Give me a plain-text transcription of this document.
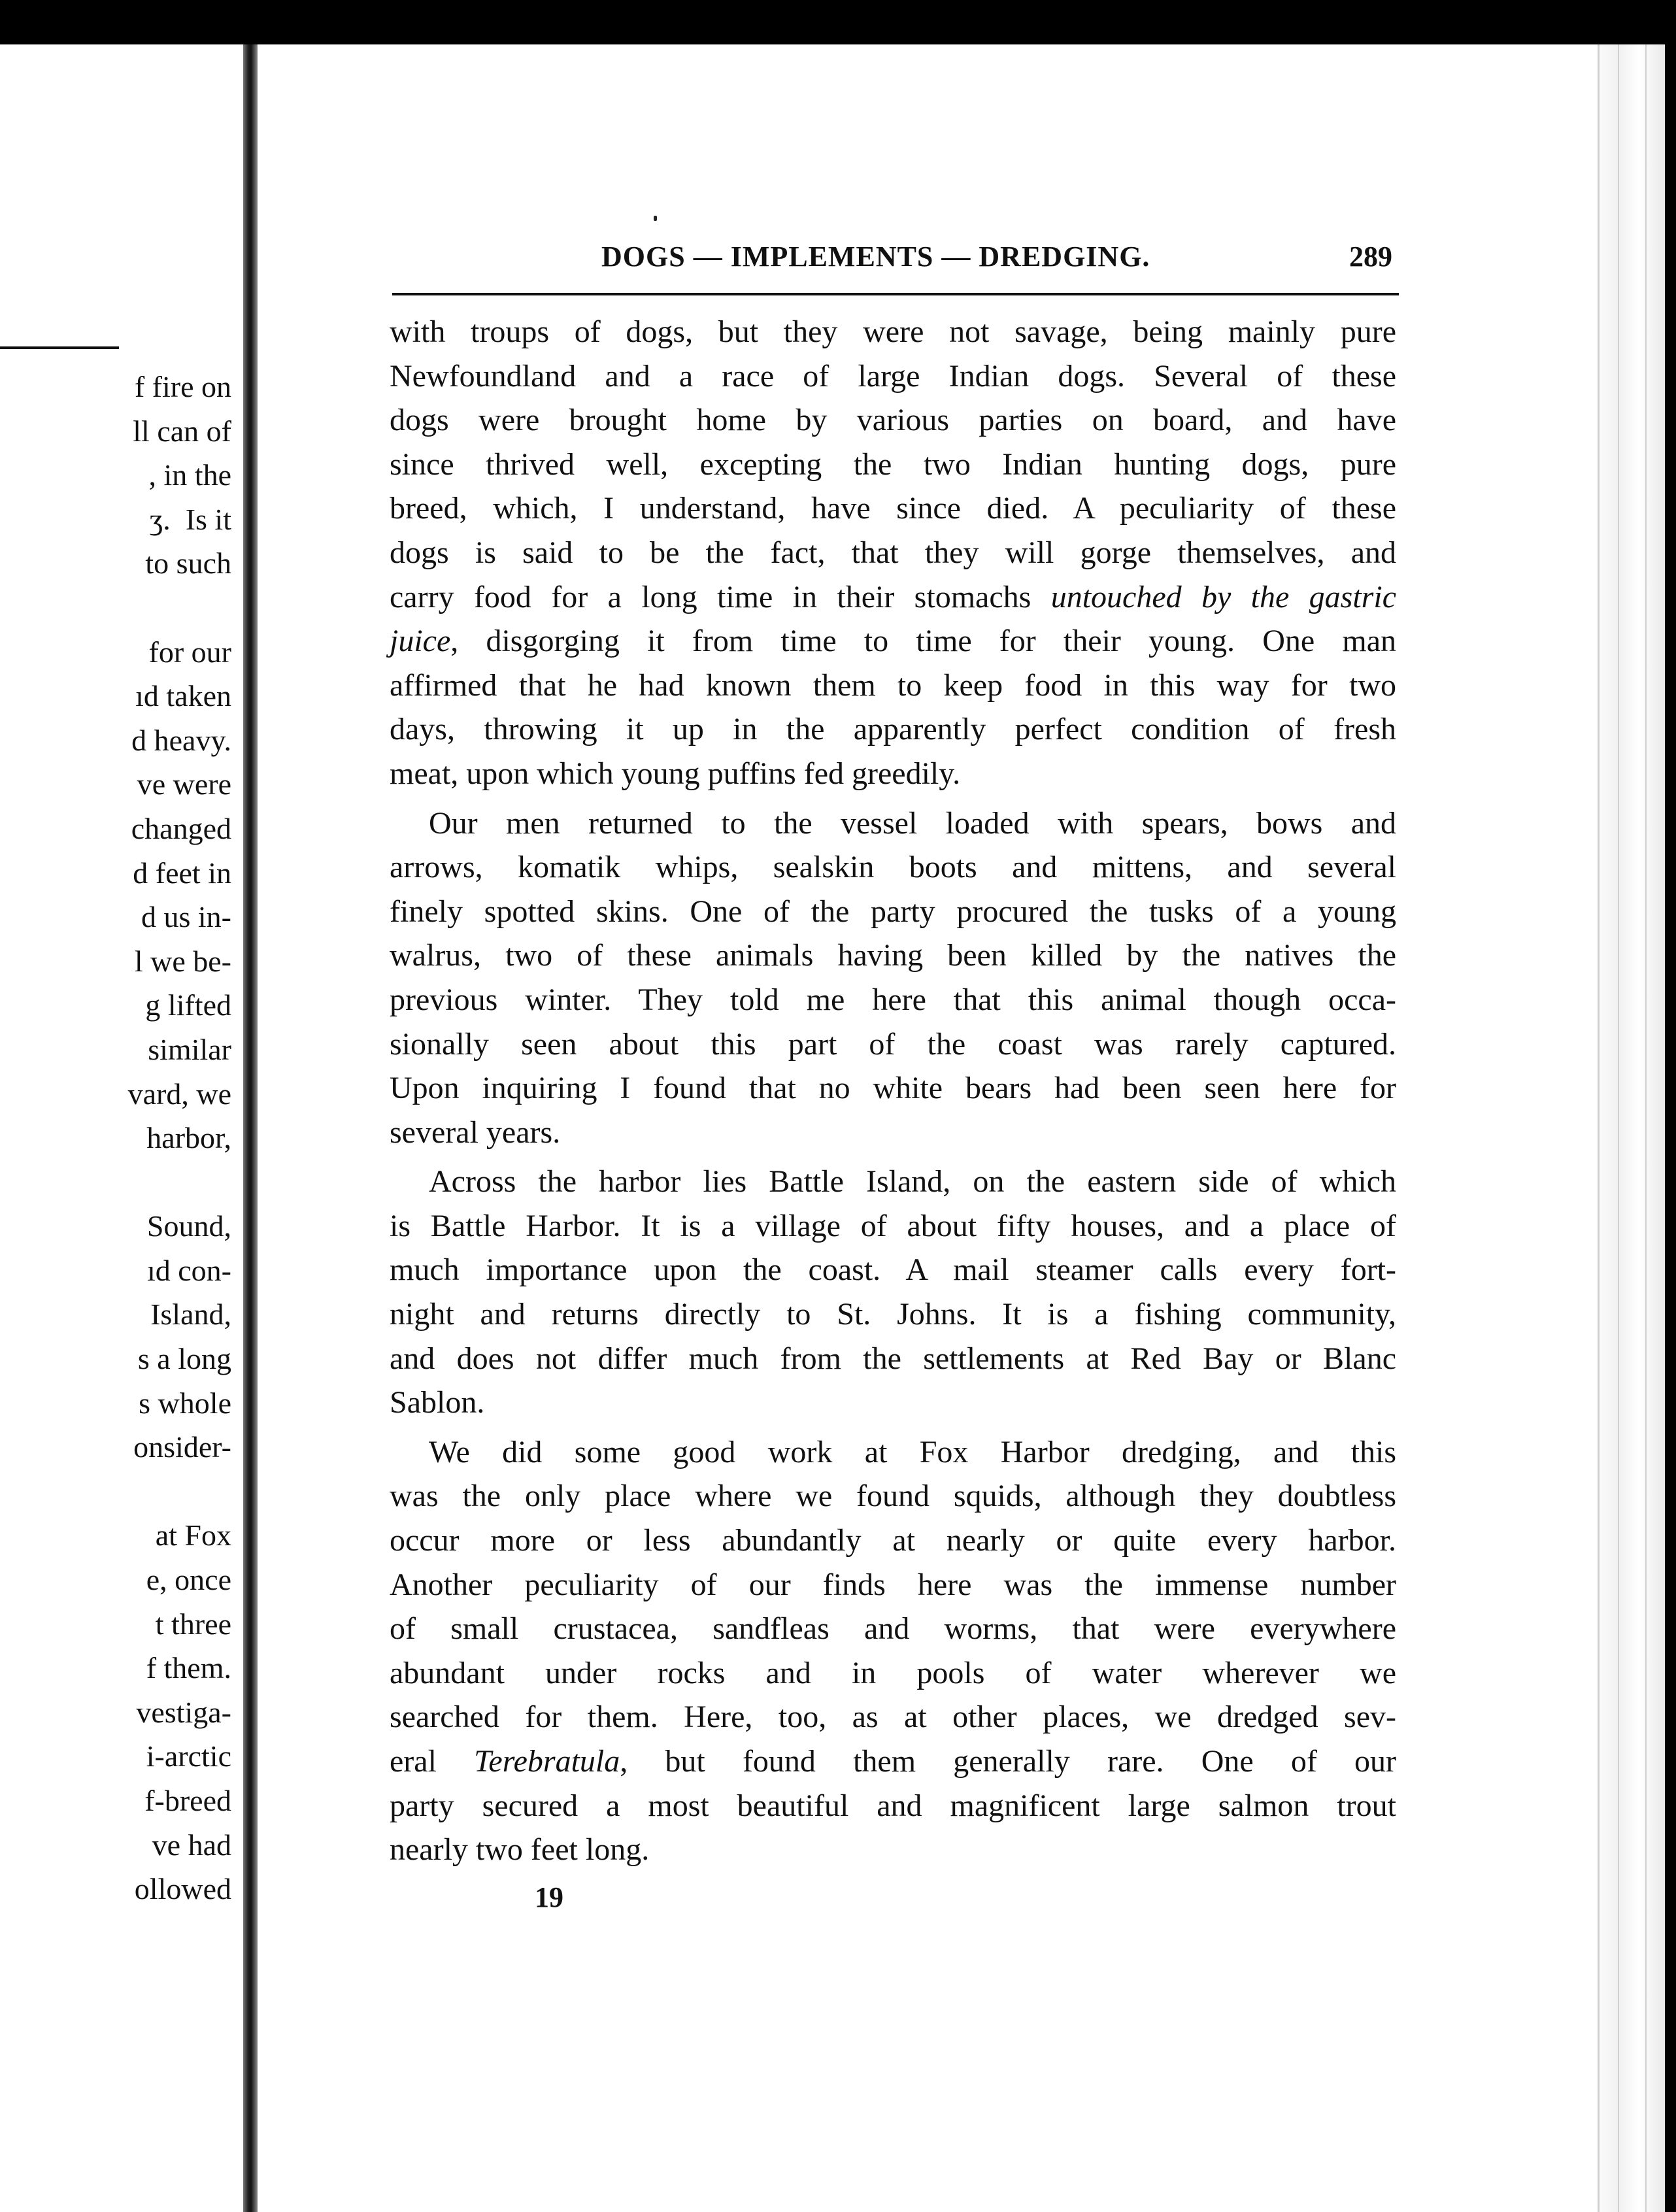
f fire on
ll can of
, in the
ʒ.  Is it
to such
for our
ıd taken
d heavy.
ve were
changed
d feet in
d us in-
l we be-
g lifted
similar
vard, we
harbor,
Sound,
ıd con-
Island,
s a long
s whole
onsider-
at Fox
e, once
t three
f them.
vestiga-
i-arctic
f-breed
ve had
ollowed
DOGS — IMPLEMENTS — DREDGING.	289
with troups of dogs, but they were not savage, being mainly pure
Newfoundland and a race of large Indian dogs. Several of these
dogs were brought home by various parties on board, and have
since thrived well, excepting the two Indian hunting dogs, pure
breed, which, I understand, have since died. A peculiarity of these
dogs is said to be the fact, that they will gorge themselves, and
carry food for a long time in their stomachs untouched by the gastric
juice, disgorging it from time to time for their young. One man
affirmed that he had known them to keep food in this way for two
days, throwing it up in the apparently perfect condition of fresh
meat, upon which young puffins fed greedily.
Our men returned to the vessel loaded with spears, bows and
arrows, komatik whips, sealskin boots and mittens, and several
finely spotted skins. One of the party procured the tusks of a young
walrus, two of these animals having been killed by the natives the
previous winter. They told me here that this animal though occa-
sionally seen about this part of the coast was rarely captured.
Upon inquiring I found that no white bears had been seen here for
several years.
Across the harbor lies Battle Island, on the eastern side of which
is Battle Harbor. It is a village of about fifty houses, and a place of
much importance upon the coast. A mail steamer calls every fort-
night and returns directly to St. Johns. It is a fishing community,
and does not differ much from the settlements at Red Bay or Blanc
Sablon.
We did some good work at Fox Harbor dredging, and this
was the only place where we found squids, although they doubtless
occur more or less abundantly at nearly or quite every harbor.
Another peculiarity of our finds here was the immense number
of small crustacea, sandfleas and worms, that were everywhere
abundant under rocks and in pools of water wherever we
searched for them. Here, too, as at other places, we dredged sev-
eral Terebratula, but found them generally rare. One of our
party secured a most beautiful and magnificent large salmon trout
nearly two feet long.
19
